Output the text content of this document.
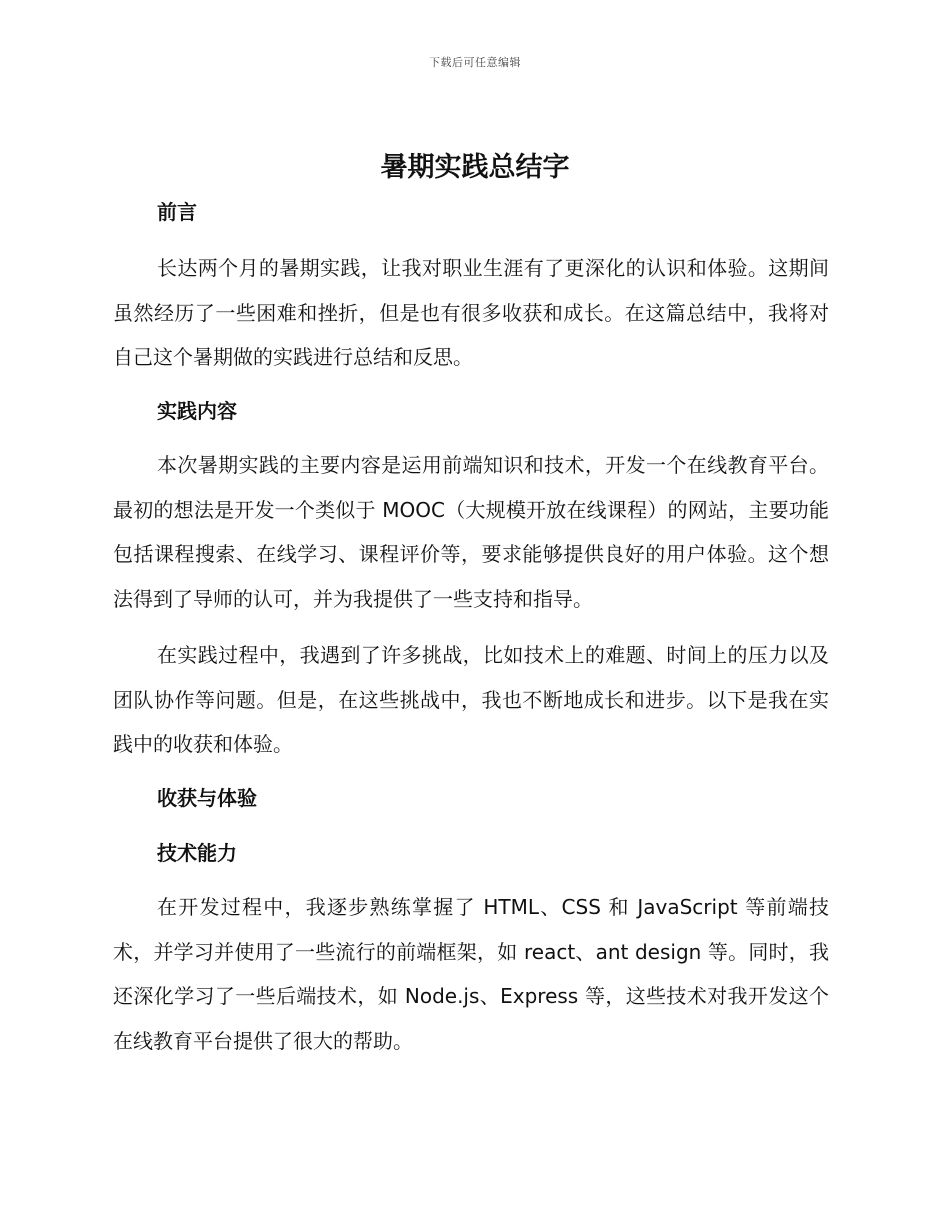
下载后可任意编辑
暑期实践总结字
前言

长达两个月的暑期实践，让我对职业生涯有了更深化的认识和体验。这期间虽然经历了一些困难和挫折，但是也有很多收获和成长。在这篇总结中，我将对自己这个暑期做的实践进行总结和反思。

实践内容

本次暑期实践的主要内容是运用前端知识和技术，开发一个在线教育平台。最初的想法是开发一个类似于 MOOC（大规模开放在线课程）的网站，主要功能包括课程搜索、在线学习、课程评价等，要求能够提供良好的用户体验。这个想法得到了导师的认可，并为我提供了一些支持和指导。

在实践过程中，我遇到了许多挑战，比如技术上的难题、时间上的压力以及团队协作等问题。但是，在这些挑战中，我也不断地成长和进步。以下是我在实践中的收获和体验。

收获与体验
技术能力

在开发过程中，我逐步熟练掌握了 HTML、CSS 和 JavaScript 等前端技术，并学习并使用了一些流行的前端框架，如 react、ant design 等。同时，我还深化学习了一些后端技术，如 Node.js、Express 等，这些技术对我开发这个在线教育平台提供了很大的帮助。
